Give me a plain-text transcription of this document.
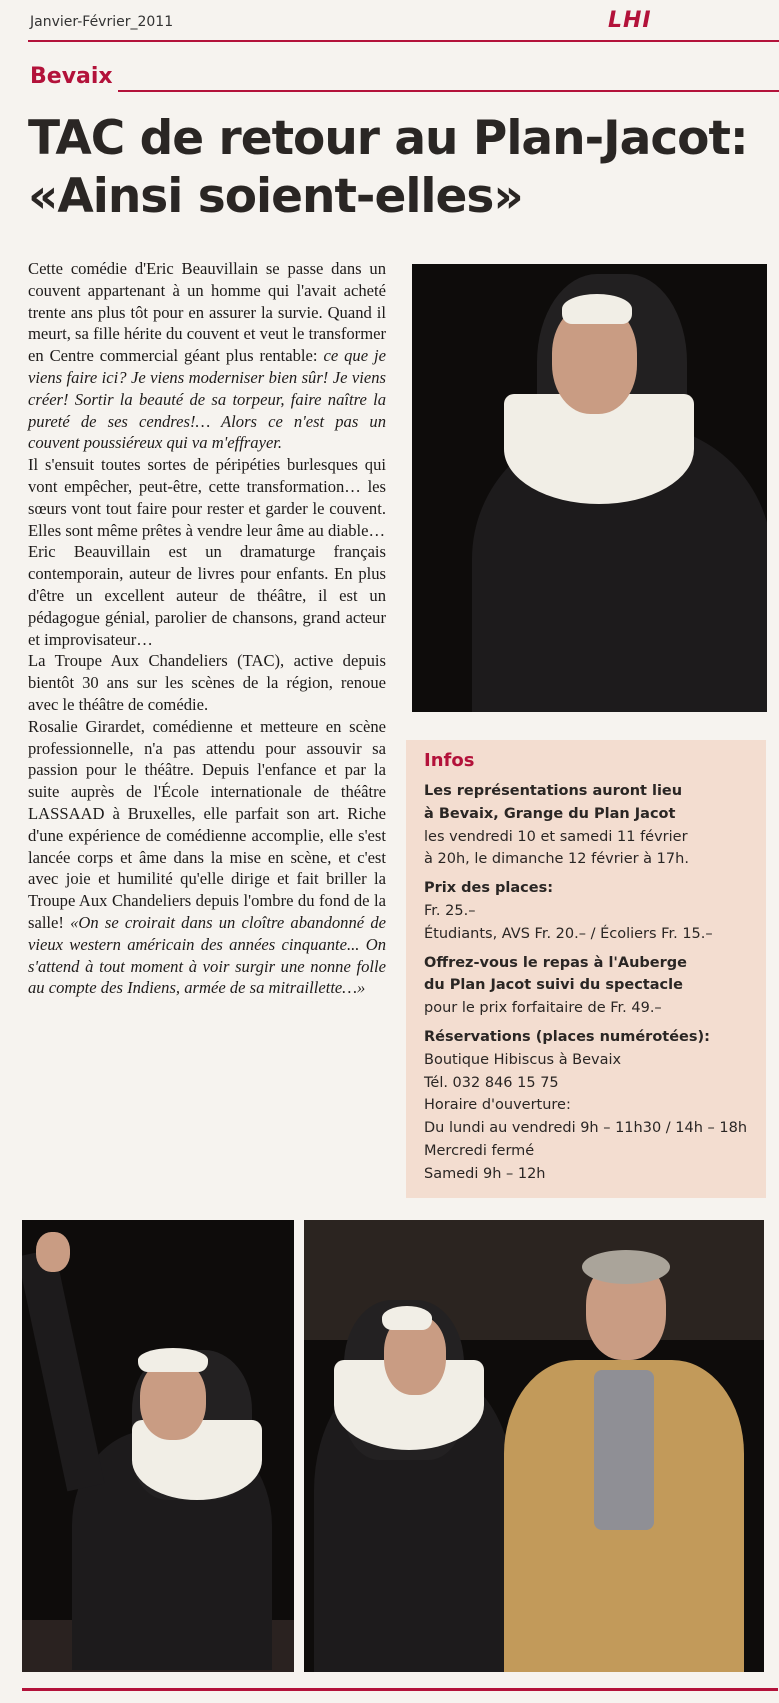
Janvier-Février_2011	LHI
Bevaix
TAC de retour au Plan-Jacot:
«Ainsi soient-elles»

Cette comédie d'Eric Beauvillain se passe dans un couvent appartenant à un homme qui l'avait acheté trente ans plus tôt pour en assurer la survie. Quand il meurt, sa fille hérite du couvent et veut le transformer en Centre commercial géant plus rentable: ce que je viens faire ici? Je viens moderniser bien sûr! Je viens créer! Sortir la beauté de sa torpeur, faire naître la pureté de ses cendres!… Alors ce n'est pas un couvent poussiéreux qui va m'effrayer.

Il s'ensuit toutes sortes de péripéties burlesques qui vont empêcher, peut-être, cette transformation… les sœurs vont tout faire pour rester et garder le couvent. Elles sont même prêtes à vendre leur âme au diable…

Eric Beauvillain est un dramaturge français contemporain, auteur de livres pour enfants. En plus d'être un excellent auteur de théâtre, il est un pédagogue génial, parolier de chansons, grand acteur et improvisateur…

La Troupe Aux Chandeliers (TAC), active depuis bientôt 30 ans sur les scènes de la région, renoue avec le théâtre de comédie.

Rosalie Girardet, comédienne et metteure en scène professionnelle, n'a pas attendu pour assouvir sa passion pour le théâtre. Depuis l'enfance et par la suite auprès de l'École internationale de théâtre LASSAAD à Bruxelles, elle parfait son art. Riche d'une expérience de comédienne accomplie, elle s'est lancée corps et âme dans la mise en scène, et c'est avec joie et humilité qu'elle dirige et fait briller la Troupe Aux Chandeliers depuis l'ombre du fond de la salle! «On se croirait dans un cloître abandonné de vieux western américain des années cinquante... On s'attend à tout moment à voir surgir une nonne folle au compte des Indiens, armée de sa mitraillette…»

Infos
Les représentations auront lieu
à Bevaix, Grange du Plan Jacot
les vendredi 10 et samedi 11 février
à 20h, le dimanche 12 février à 17h.
Prix des places:
Fr. 25.–
Étudiants, AVS Fr. 20.– / Écoliers Fr. 15.–
Offrez-vous le repas à l'Auberge
du Plan Jacot suivi du spectacle
pour le prix forfaitaire de Fr. 49.–
Réservations (places numérotées):
Boutique Hibiscus à Bevaix
Tél. 032 846 15 75
Horaire d'ouverture:
Du lundi au vendredi 9h – 11h30 / 14h – 18h
Mercredi fermé
Samedi 9h – 12h
